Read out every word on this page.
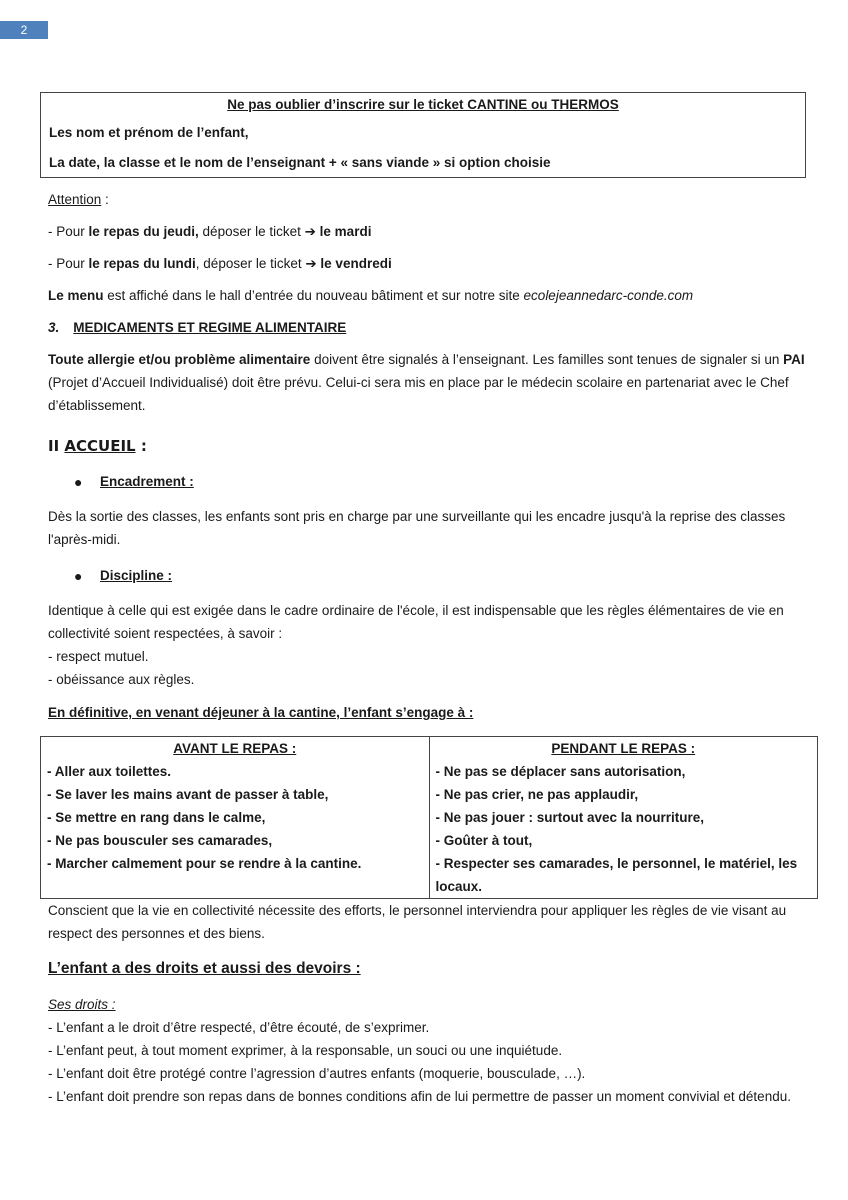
2
Ne pas oublier d’inscrire sur le ticket CANTINE ou THERMOS

Les nom et prénom de l’enfant,

La date, la classe et le nom de l’enseignant + « sans viande » si option choisie

Attention :

- Pour le repas du jeudi, déposer le ticket ➔ le mardi

- Pour le repas du lundi, déposer le ticket ➔ le vendredi

Le menu est affiché dans le hall d’entrée du nouveau bâtiment et sur notre site ecolejeannedarc-conde.com

3. MEDICAMENTS ET REGIME ALIMENTAIRE

Toute allergie et/ou problème alimentaire doivent être signalés à l’enseignant. Les familles sont tenues de signaler si un PAI (Projet d’Accueil Individualisé) doit être prévu. Celui-ci sera mis en place par le médecin scolaire en partenariat avec le Chef d’établissement.

II ACCUEIL :

●	Encadrement :

Dès la sortie des classes, les enfants sont pris en charge par une surveillante qui les encadre jusqu'à la reprise des classes l'après-midi.

●	Discipline :

Identique à celle qui est exigée dans le cadre ordinaire de l'école, il est indispensable que les règles élémentaires de vie en collectivité soient respectées, à savoir :

- respect mutuel.

- obéissance aux règles.

En définitive, en venant déjeuner à la cantine, l’enfant s’engage à :

AVANT LE REPAS :
- Aller aux toilettes.
- Se laver les mains avant de passer à table,
- Se mettre en rang dans le calme,
- Ne pas bousculer ses camarades,
- Marcher calmement pour se rendre à la cantine.

PENDANT LE REPAS :
- Ne pas se déplacer sans autorisation,
- Ne pas crier, ne pas applaudir,
- Ne pas jouer : surtout avec la nourriture,
- Goûter à tout,
- Respecter ses camarades, le personnel, le matériel, les locaux.

Conscient que la vie en collectivité nécessite des efforts, le personnel interviendra pour appliquer les règles de vie visant au respect des personnes et des biens.

L’enfant a des droits et aussi des devoirs :

Ses droits :

- L’enfant a le droit d’être respecté, d’être écouté, de s’exprimer.

- L’enfant peut, à tout moment exprimer, à la responsable, un souci ou une inquiétude.

- L’enfant doit être protégé contre l’agression d’autres enfants (moquerie, bousculade, …).

- L’enfant doit prendre son repas dans de bonnes conditions afin de lui permettre de passer un moment convivial et détendu.
